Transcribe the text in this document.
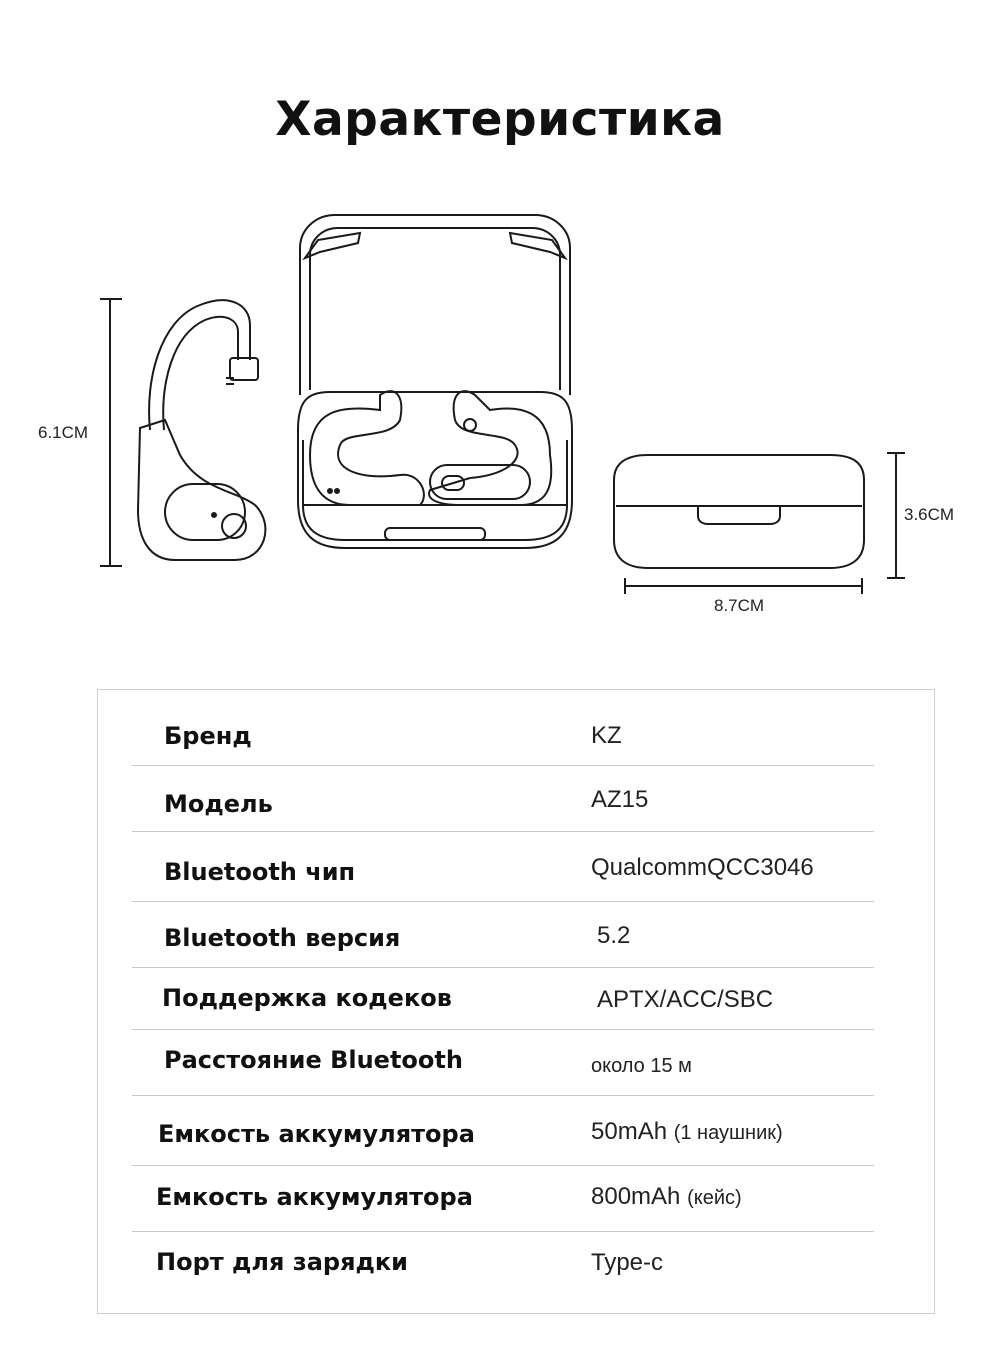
Характеристика
6.1CM
3.6CM
8.7CM
Бренд	KZ
Модель	AZ15
Bluetooth чип	QualcommQCC3046
Bluetooth версия	5.2
Поддержка кодеков	APTX/ACC/SBC
Расстояние Bluetooth	около 15 м
Емкость аккумулятора	50mAh (1 наушник)
Емкость аккумулятора	800mAh (кейс)
Порт для зарядки	Type-c
